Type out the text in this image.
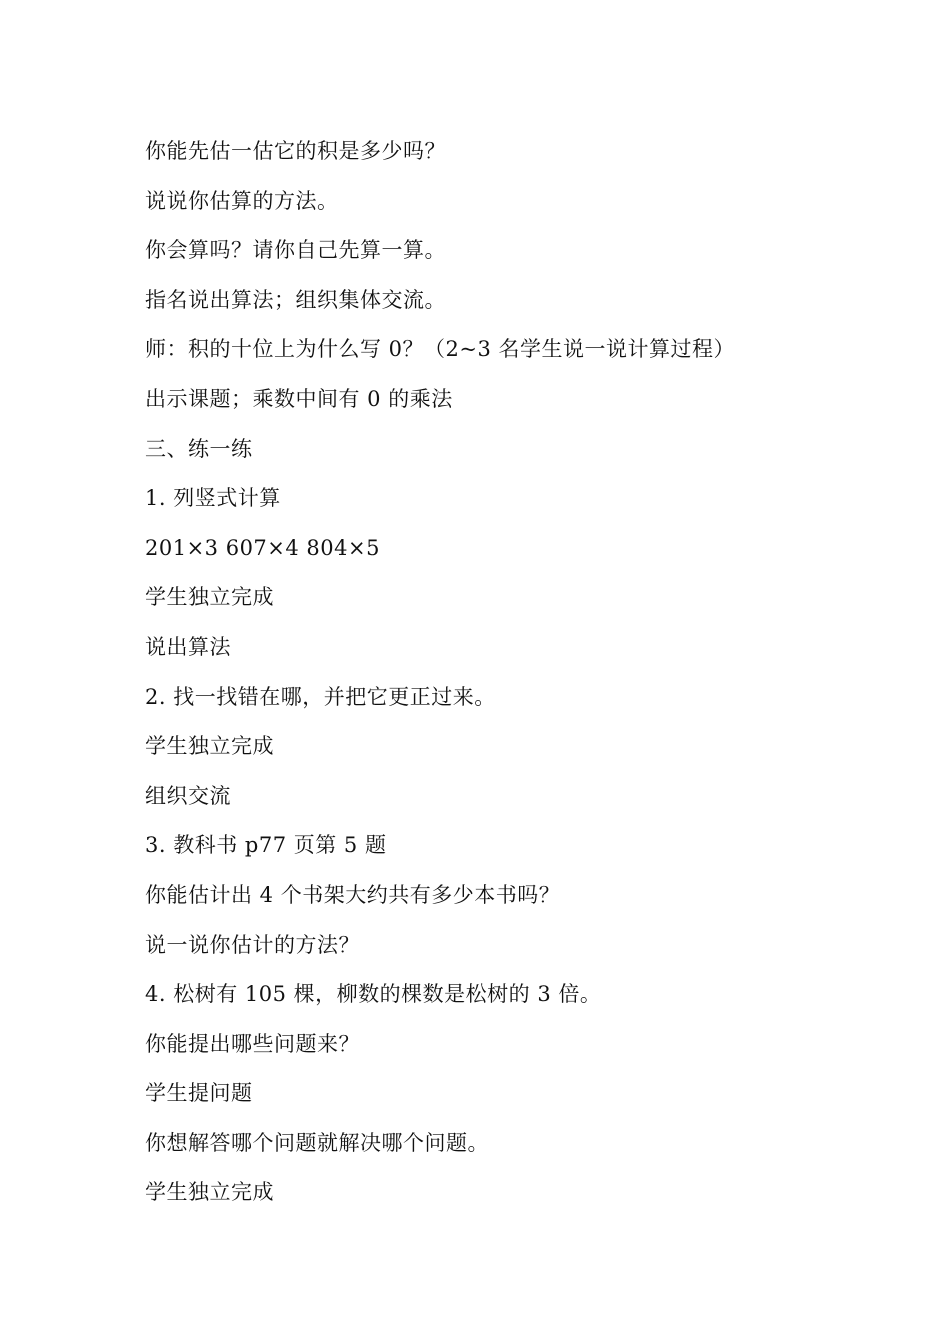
你能先估一估它的积是多少吗？
说说你估算的方法。
你会算吗？请你自己先算一算。
指名说出算法；组织集体交流。
师：积的十位上为什么写 0？（2~3 名学生说一说计算过程）
出示课题；乘数中间有 0 的乘法
三、练一练
1. 列竖式计算
201×3 607×4 804×5
学生独立完成
说出算法
2. 找一找错在哪，并把它更正过来。
学生独立完成
组织交流
3. 教科书 p77 页第 5 题
你能估计出 4 个书架大约共有多少本书吗？
说一说你估计的方法？
4. 松树有 105 棵，柳数的棵数是松树的 3 倍。
你能提出哪些问题来？
学生提问题
你想解答哪个问题就解决哪个问题。
学生独立完成
